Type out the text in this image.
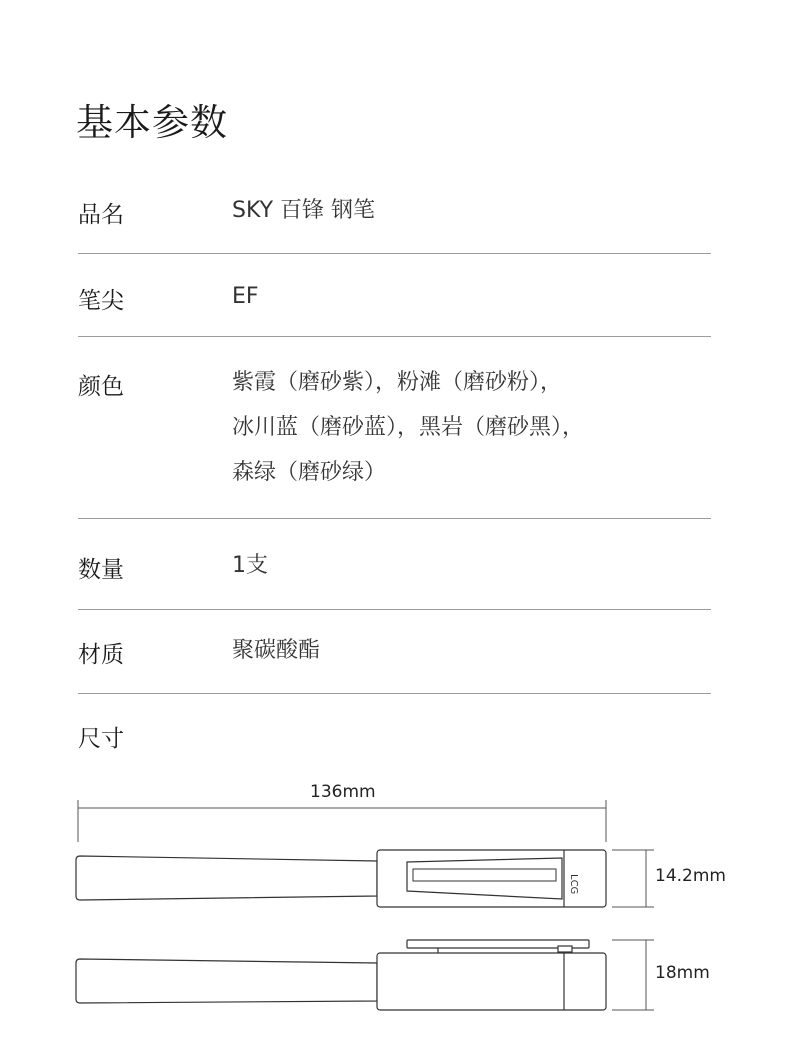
基本参数
品名	SKY 百锋 钢笔
笔尖	EF
颜色	紫霞（磨砂紫），粉滩（磨砂粉），
冰川蓝（磨砂蓝），黑岩（磨砂黑），
森绿（磨砂绿）
数量	1支
材质	聚碳酸酯
尺寸
136mm
14.2mm
18mm
LCG
